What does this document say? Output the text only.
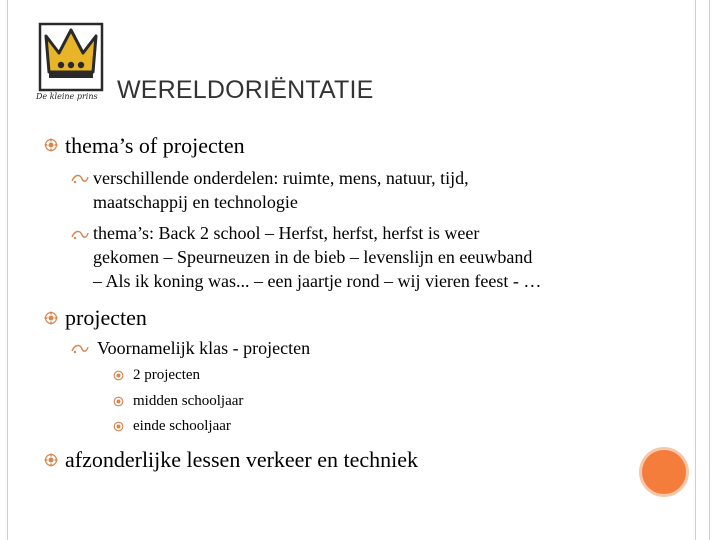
De kleine prins WERELDORIËNTATIE
thema’s of projecten
verschillende onderdelen: ruimte, mens, natuur, tijd,
maatschappij en technologie
thema’s: Back 2 school – Herfst, herfst, herfst is weer
gekomen – Speurneuzen in de bieb – levenslijn en eeuwband
– Als ik koning was... – een jaartje rond – wij vieren feest - …
projecten
Voornamelijk klas - projecten
2 projecten
midden schooljaar
einde schooljaar
afzonderlijke lessen verkeer en techniek
